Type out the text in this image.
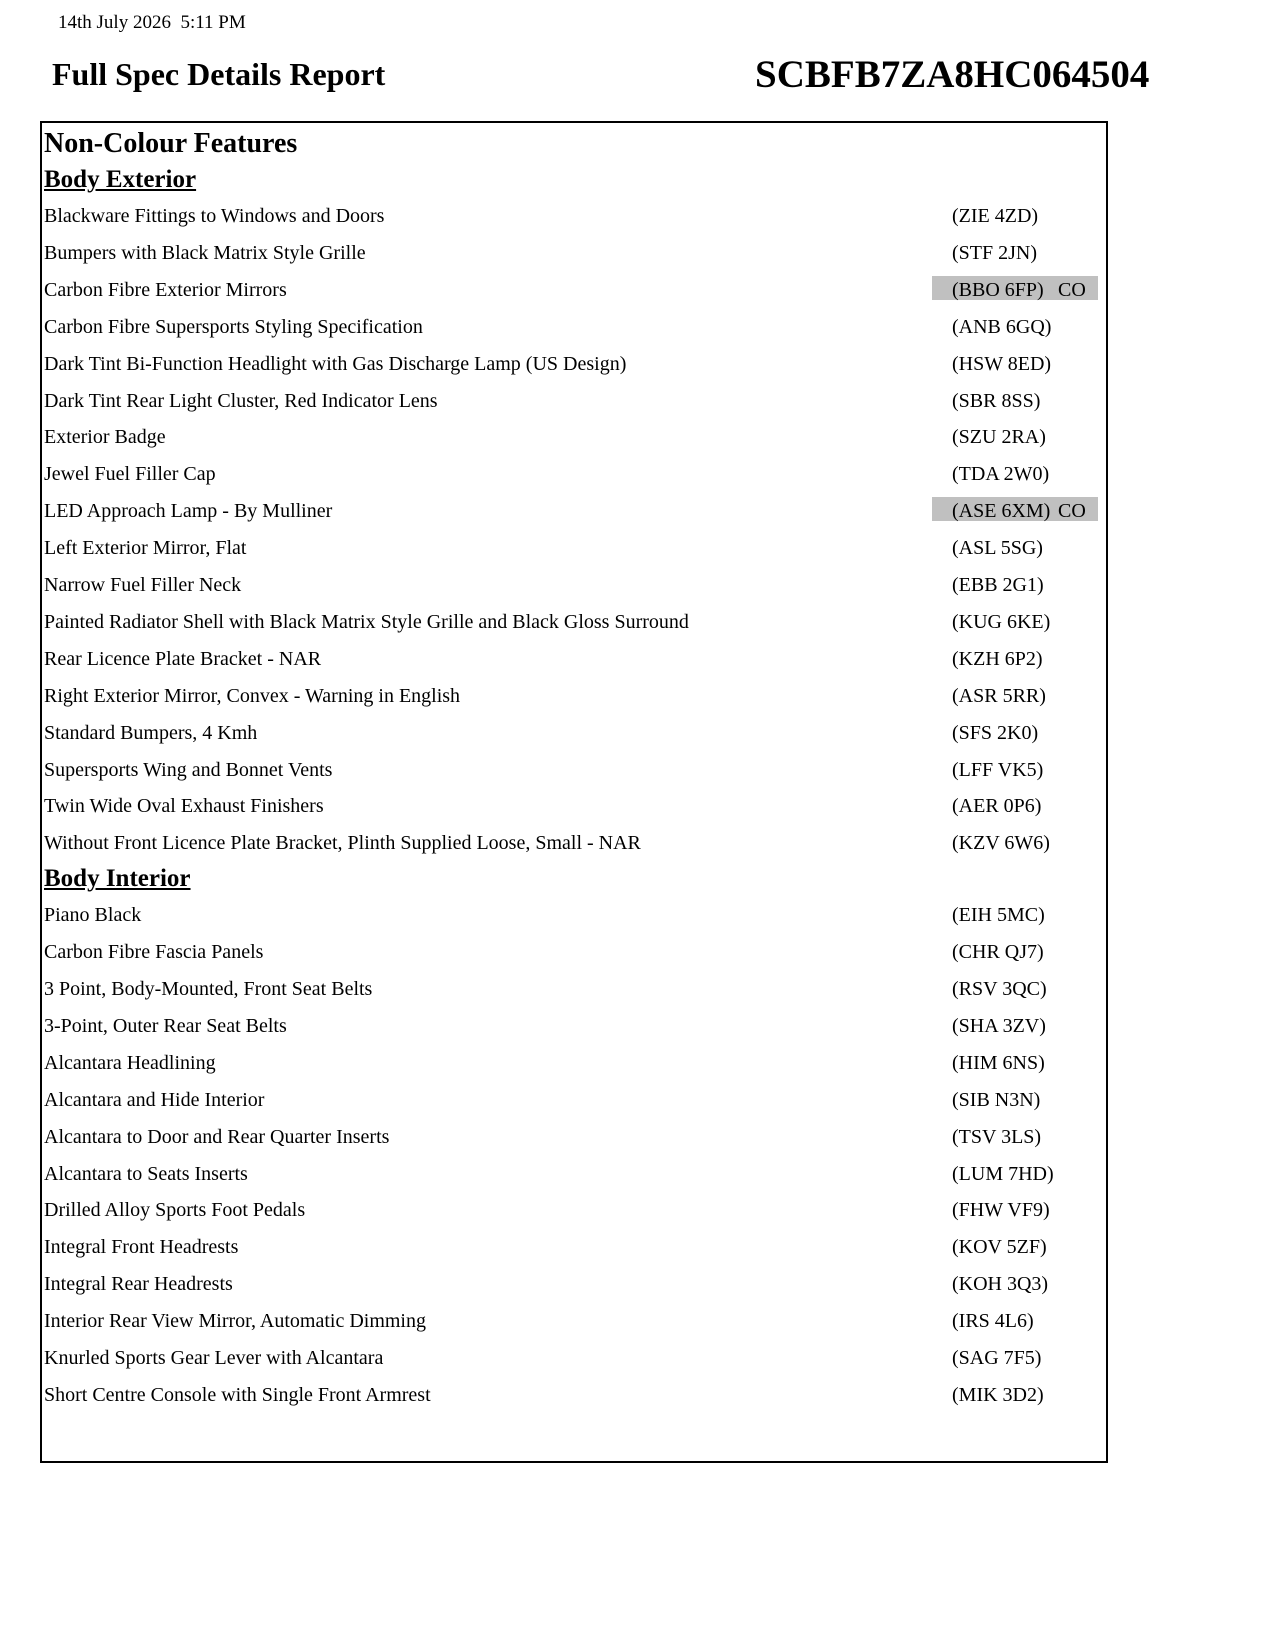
14th July 2026  5:11 PM
Full Spec Details Report	SCBFB7ZA8HC064504
Non-Colour Features
Body Exterior
Blackware Fittings to Windows and Doors	(ZIE 4ZD)
Bumpers with Black Matrix Style Grille	(STF 2JN)
Carbon Fibre Exterior Mirrors	(BBO 6FP) CO
Carbon Fibre Supersports Styling Specification	(ANB 6GQ)
Dark Tint Bi-Function Headlight with Gas Discharge Lamp (US Design)	(HSW 8ED)
Dark Tint Rear Light Cluster, Red Indicator Lens	(SBR 8SS)
Exterior Badge	(SZU 2RA)
Jewel Fuel Filler Cap	(TDA 2W0)
LED Approach Lamp - By Mulliner	(ASE 6XM) CO
Left Exterior Mirror, Flat	(ASL 5SG)
Narrow Fuel Filler Neck	(EBB 2G1)
Painted Radiator Shell with Black Matrix Style Grille and Black Gloss Surround	(KUG 6KE)
Rear Licence Plate Bracket - NAR	(KZH 6P2)
Right Exterior Mirror, Convex - Warning in English	(ASR 5RR)
Standard Bumpers, 4 Kmh	(SFS 2K0)
Supersports Wing and Bonnet Vents	(LFF VK5)
Twin Wide Oval Exhaust Finishers	(AER 0P6)
Without Front Licence Plate Bracket, Plinth Supplied Loose, Small - NAR	(KZV 6W6)
Body Interior
Piano Black	(EIH 5MC)
Carbon Fibre Fascia Panels	(CHR QJ7)
3 Point, Body-Mounted, Front Seat Belts	(RSV 3QC)
3-Point, Outer Rear Seat Belts	(SHA 3ZV)
Alcantara Headlining	(HIM 6NS)
Alcantara and Hide Interior	(SIB N3N)
Alcantara to Door and Rear Quarter Inserts	(TSV 3LS)
Alcantara to Seats Inserts	(LUM 7HD)
Drilled Alloy Sports Foot Pedals	(FHW VF9)
Integral Front Headrests	(KOV 5ZF)
Integral Rear Headrests	(KOH 3Q3)
Interior Rear View Mirror, Automatic Dimming	(IRS 4L6)
Knurled Sports Gear Lever with Alcantara	(SAG 7F5)
Short Centre Console with Single Front Armrest	(MIK 3D2)
